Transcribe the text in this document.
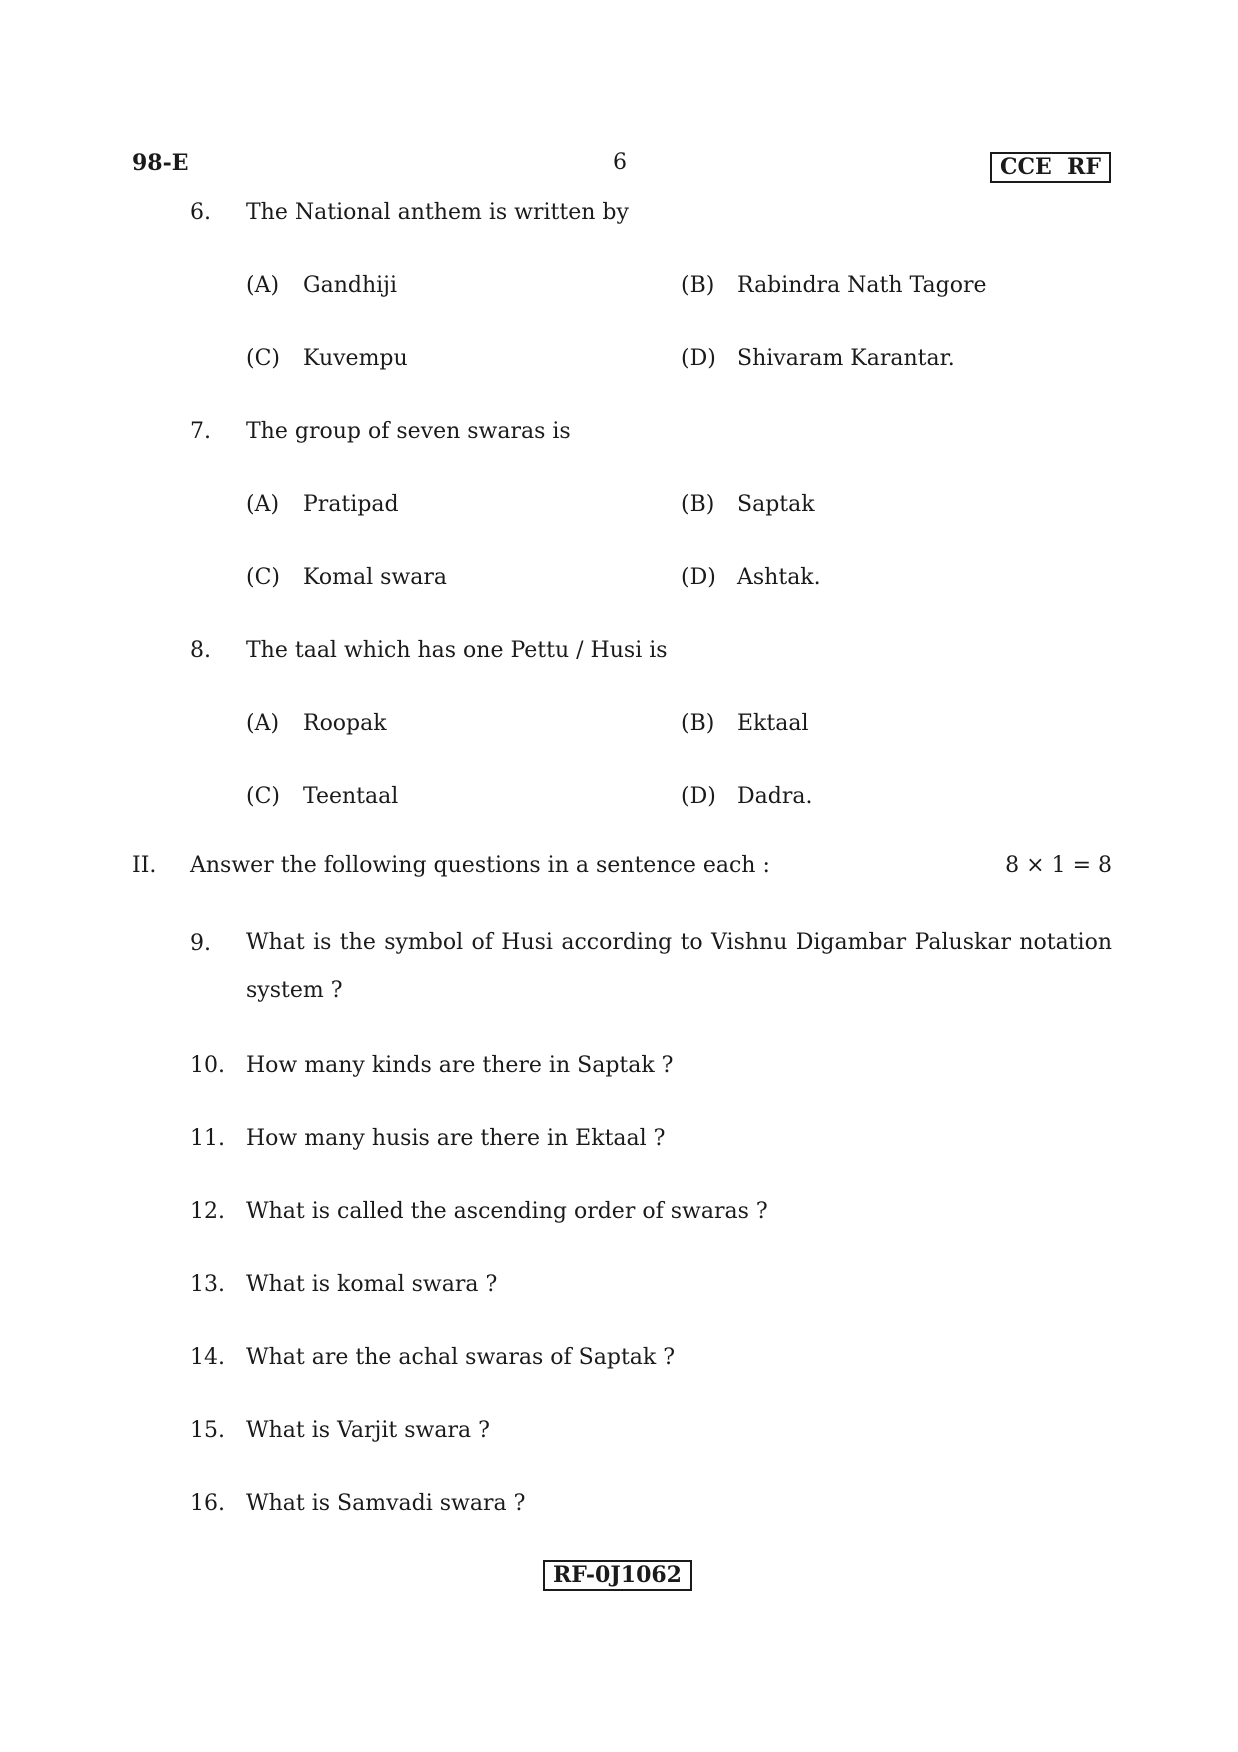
98-E	6	CCE  RF
6. The National anthem is written by
(A) Gandhiji	(B) Rabindra Nath Tagore
(C) Kuvempu	(D) Shivaram Karantar.
7. The group of seven swaras is
(A) Pratipad	(B) Saptak
(C) Komal swara	(D) Ashtak.
8. The taal which has one Pettu / Husi is
(A) Roopak	(B) Ektaal
(C) Teentaal	(D) Dadra.
II. Answer the following questions in a sentence each :	8 × 1 = 8
9. What is the symbol of Husi according to Vishnu Digambar Paluskar notation system ?
10. How many kinds are there in Saptak ?
11. How many husis are there in Ektaal ?
12. What is called the ascending order of swaras ?
13. What is komal swara ?
14. What are the achal swaras of Saptak ?
15. What is Varjit swara ?
16. What is Samvadi swara ?
RF-0J1062
